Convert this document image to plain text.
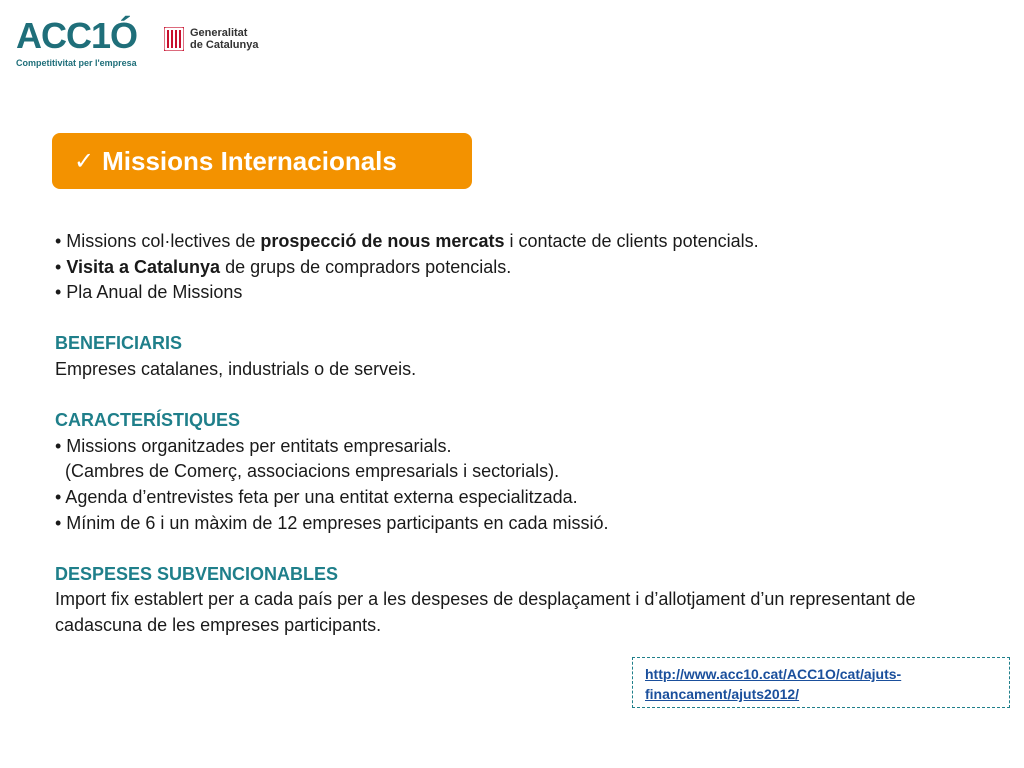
ACC1Ó
Competitivitat per l'empresa
Generalitat
de Catalunya
✓ Missions Internacionals
• Missions col·lectives de prospecció de nous mercats i contacte de clients potencials.
• Visita a Catalunya de grups de compradors potencials.
• Pla Anual de Missions
BENEFICIARIS
Empreses catalanes, industrials o de serveis.
CARACTERÍSTIQUES
• Missions organitzades per entitats empresarials.
(Cambres de Comerç, associacions empresarials i sectorials).
• Agenda d’entrevistes feta per una entitat externa especialitzada.
• Mínim de 6 i un màxim de 12 empreses participants en cada missió.
DESPESES SUBVENCIONABLES
Import fix establert per a cada país per a les despeses de desplaçament i d’allotjament d’un representant de cadascuna de les empreses participants.
http://www.acc10.cat/ACC1O/cat/ajuts-financament/ajuts2012/
